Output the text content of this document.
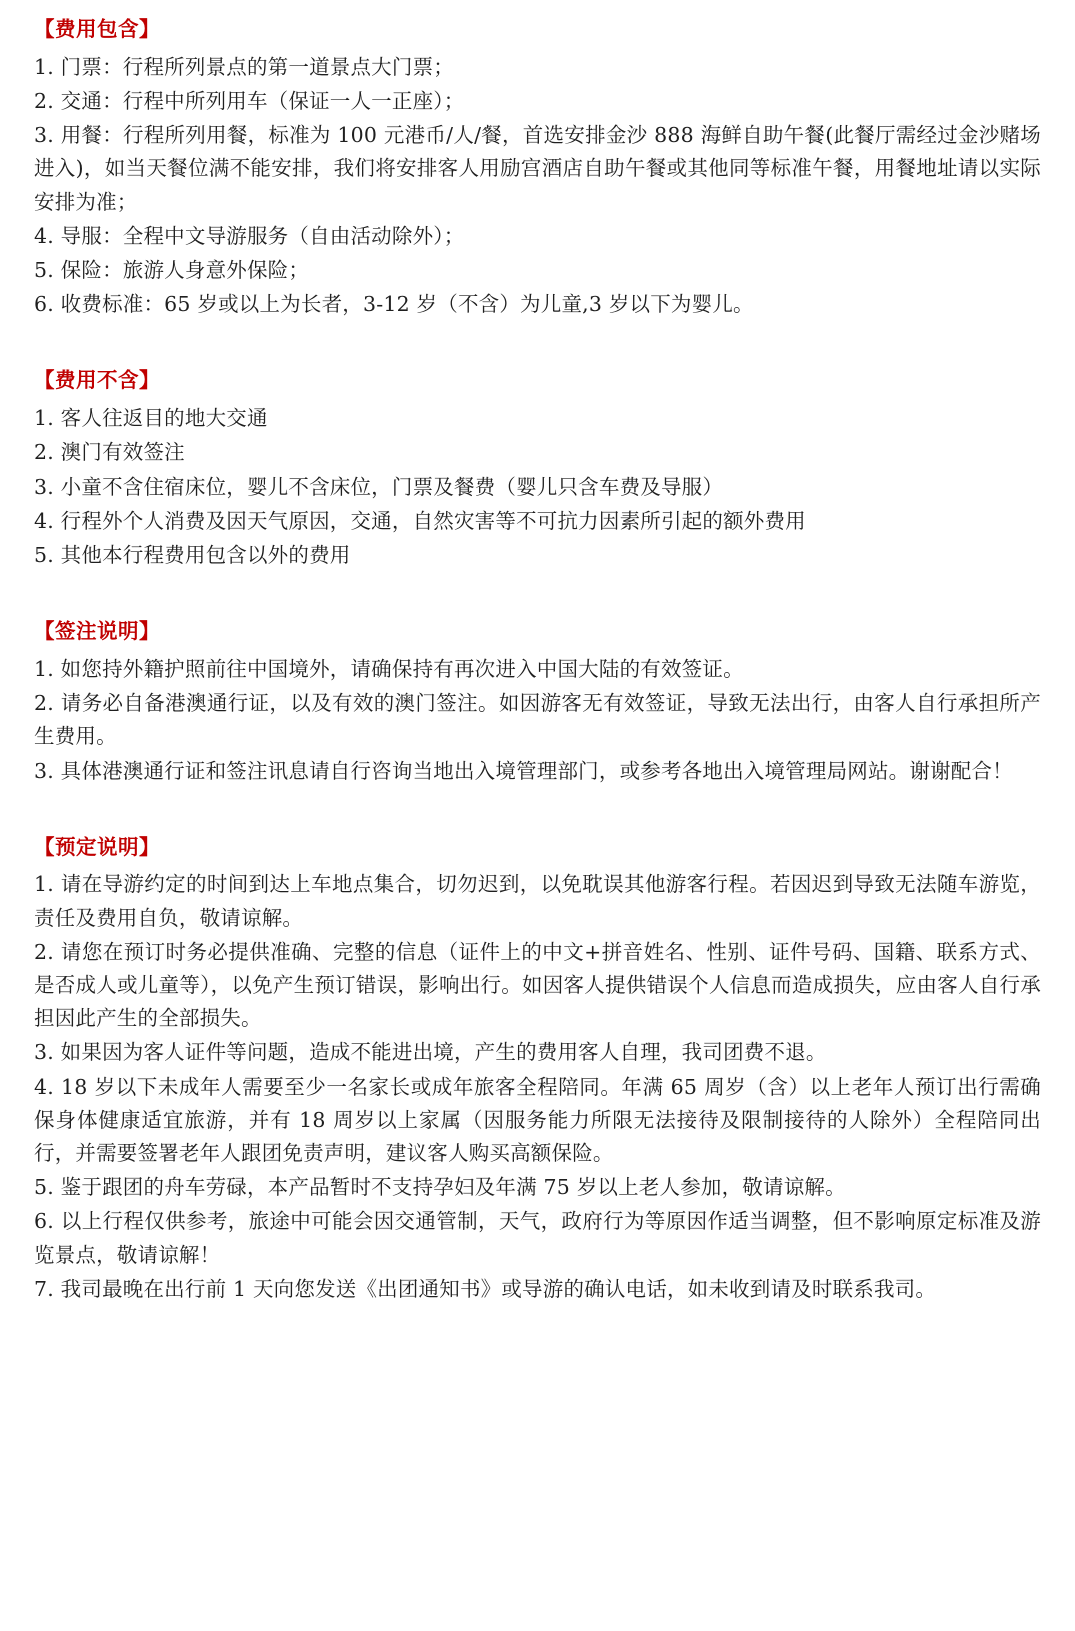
【费用包含】

1. 门票：行程所列景点的第一道景点大门票；

2. 交通：行程中所列用车（保证一人一正座）；

3. 用餐：行程所列用餐，标准为 100 元港币/人/餐，首选安排金沙 888 海鲜自助午餐(此餐厅需经过金沙赌场进入)，如当天餐位满不能安排，我们将安排客人用励宫酒店自助午餐或其他同等标准午餐，用餐地址请以实际安排为准；

4. 导服：全程中文导游服务（自由活动除外）；

5. 保险：旅游人身意外保险；

6. 收费标准：65 岁或以上为长者，3-12 岁（不含）为儿童,3 岁以下为婴儿。

【费用不含】

1. 客人往返目的地大交通

2. 澳门有效签注

3. 小童不含住宿床位，婴儿不含床位，门票及餐费（婴儿只含车费及导服）

4. 行程外个人消费及因天气原因，交通，自然灾害等不可抗力因素所引起的额外费用

5. 其他本行程费用包含以外的费用

【签注说明】

1. 如您持外籍护照前往中国境外，请确保持有再次进入中国大陆的有效签证。

2. 请务必自备港澳通行证，以及有效的澳门签注。如因游客无有效签证，导致无法出行，由客人自行承担所产生费用。

3. 具体港澳通行证和签注讯息请自行咨询当地出入境管理部门，或参考各地出入境管理局网站。谢谢配合！

【预定说明】

1. 请在导游约定的时间到达上车地点集合，切勿迟到，以免耽误其他游客行程。若因迟到导致无法随车游览，责任及费用自负，敬请谅解。

2. 请您在预订时务必提供准确、完整的信息（证件上的中文+拼音姓名、性别、证件号码、国籍、联系方式、是否成人或儿童等），以免产生预订错误，影响出行。如因客人提供错误个人信息而造成损失，应由客人自行承担因此产生的全部损失。

3. 如果因为客人证件等问题，造成不能进出境，产生的费用客人自理，我司团费不退。

4. 18 岁以下未成年人需要至少一名家长或成年旅客全程陪同。年满 65 周岁（含）以上老年人预订出行需确保身体健康适宜旅游，并有 18 周岁以上家属（因服务能力所限无法接待及限制接待的人除外）全程陪同出行，并需要签署老年人跟团免责声明，建议客人购买高额保险。

5. 鉴于跟团的舟车劳碌，本产品暂时不支持孕妇及年满 75 岁以上老人参加，敬请谅解。

6. 以上行程仅供参考，旅途中可能会因交通管制，天气，政府行为等原因作适当调整，但不影响原定标准及游览景点，敬请谅解！

7. 我司最晚在出行前 1 天向您发送《出团通知书》或导游的确认电话，如未收到请及时联系我司。
